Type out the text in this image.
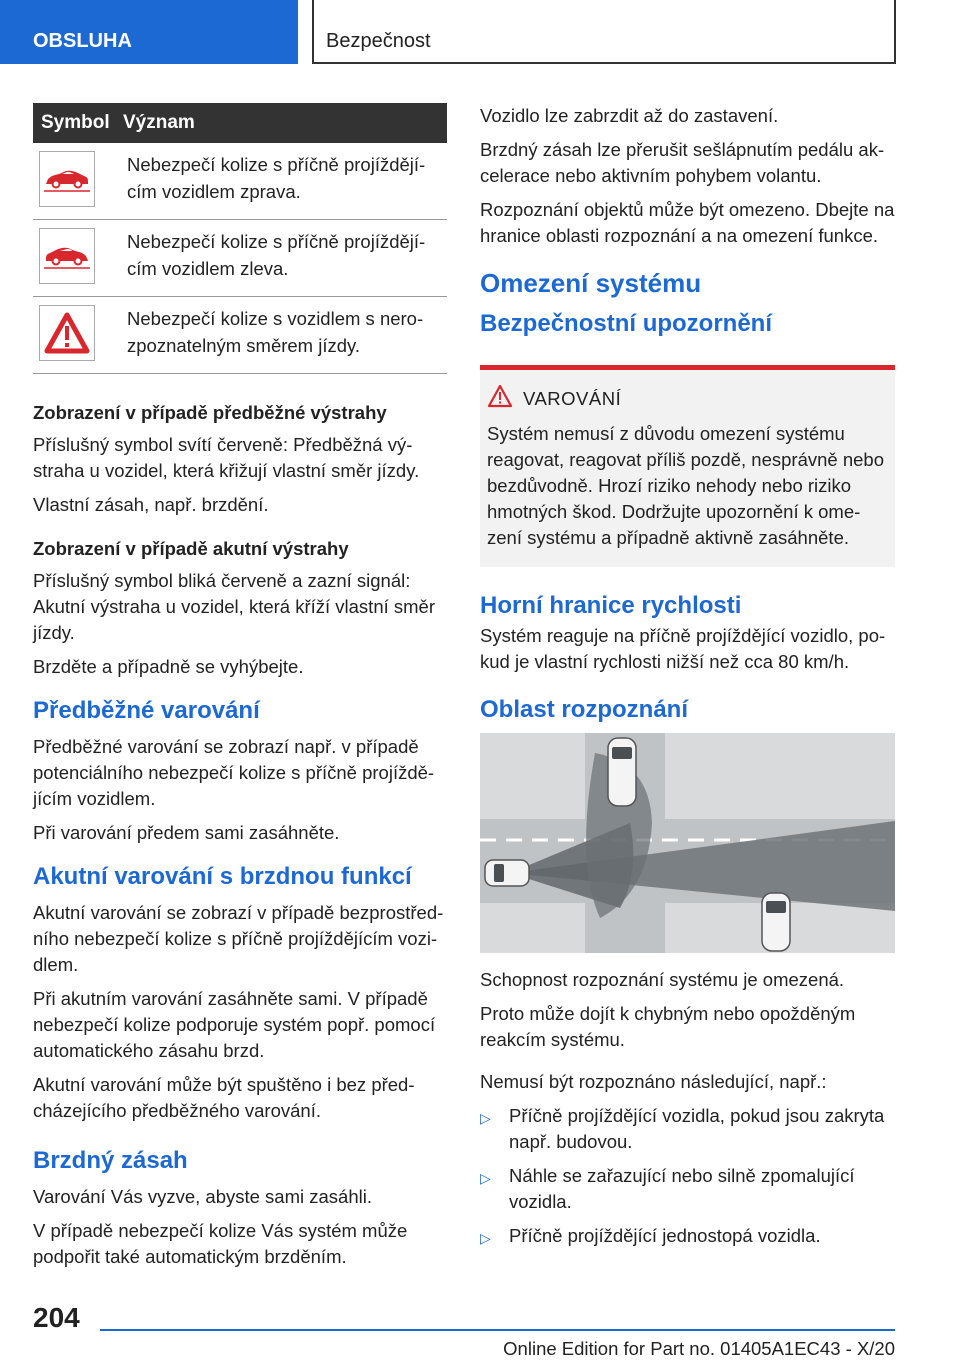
OBSLUHA	Bezpečnost
Symbol	Význam

	Nebezpečí kolize s příčně projíždějícím vozidlem zprava.

	Nebezpečí kolize s příčně projíždějícím vozidlem zleva.

	Nebezpečí kolize s vozidlem s nerozpoznatelným směrem jízdy.
Zobrazení v případě předběžné výstrahy

Příslušný symbol svítí červeně: Předběžná výstraha u vozidel, která křižují vlastní směr jízdy.

Vlastní zásah, např. brzdění.

Zobrazení v případě akutní výstrahy

Příslušný symbol bliká červeně a zazní signál: Akutní výstraha u vozidel, která kříží vlastní směr jízdy.

Brzděte a případně se vyhýbejte.

Předběžné varování

Předběžné varování se zobrazí např. v případě potenciálního nebezpečí kolize s příčně projíždějícím vozidlem.

Při varování předem sami zasáhněte.

Akutní varování s brzdnou funkcí

Akutní varování se zobrazí v případě bezprostředního nebezpečí kolize s příčně projíždějícím vozidlem.

Při akutním varování zasáhněte sami. V případě nebezpečí kolize podporuje systém popř. pomocí automatického zásahu brzd.

Akutní varování může být spuštěno i bez předcházejícího předběžného varování.

Brzdný zásah

Varování Vás vyzve, abyste sami zasáhli.

V případě nebezpečí kolize Vás systém může podpořit také automatickým brzděním.

Vozidlo lze zabrzdit až do zastavení.

Brzdný zásah lze přerušit sešlápnutím pedálu akcelerace nebo aktivním pohybem volantu.

Rozpoznání objektů může být omezeno. Dbejte na hranice oblasti rozpoznání a na omezení funkce.

Omezení systému
Bezpečnostní upozornění
VAROVÁNÍ

Systém nemusí z důvodu omezení systému reagovat, reagovat příliš pozdě, nesprávně nebo bezdůvodně. Hrozí riziko nehody nebo riziko hmotných škod. Dodržujte upozornění k omezení systému a případně aktivně zasáhněte.

Horní hranice rychlosti

Systém reaguje na příčně projíždějící vozidlo, pokud je vlastní rychlosti nižší než cca 80 km/h.

Oblast rozpoznání

Schopnost rozpoznání systému je omezená.

Proto může dojít k chybným nebo opožděným reakcím systému.

Nemusí být rozpoznáno následující, např.:

▷ Příčně projíždějící vozidla, pokud jsou zakryta např. budovou.
▷ Náhle se zařazující nebo silně zpomalující vozidla.
▷ Příčně projíždějící jednostopá vozidla.
204
Online Edition for Part no. 01405A1EC43 - X/20
